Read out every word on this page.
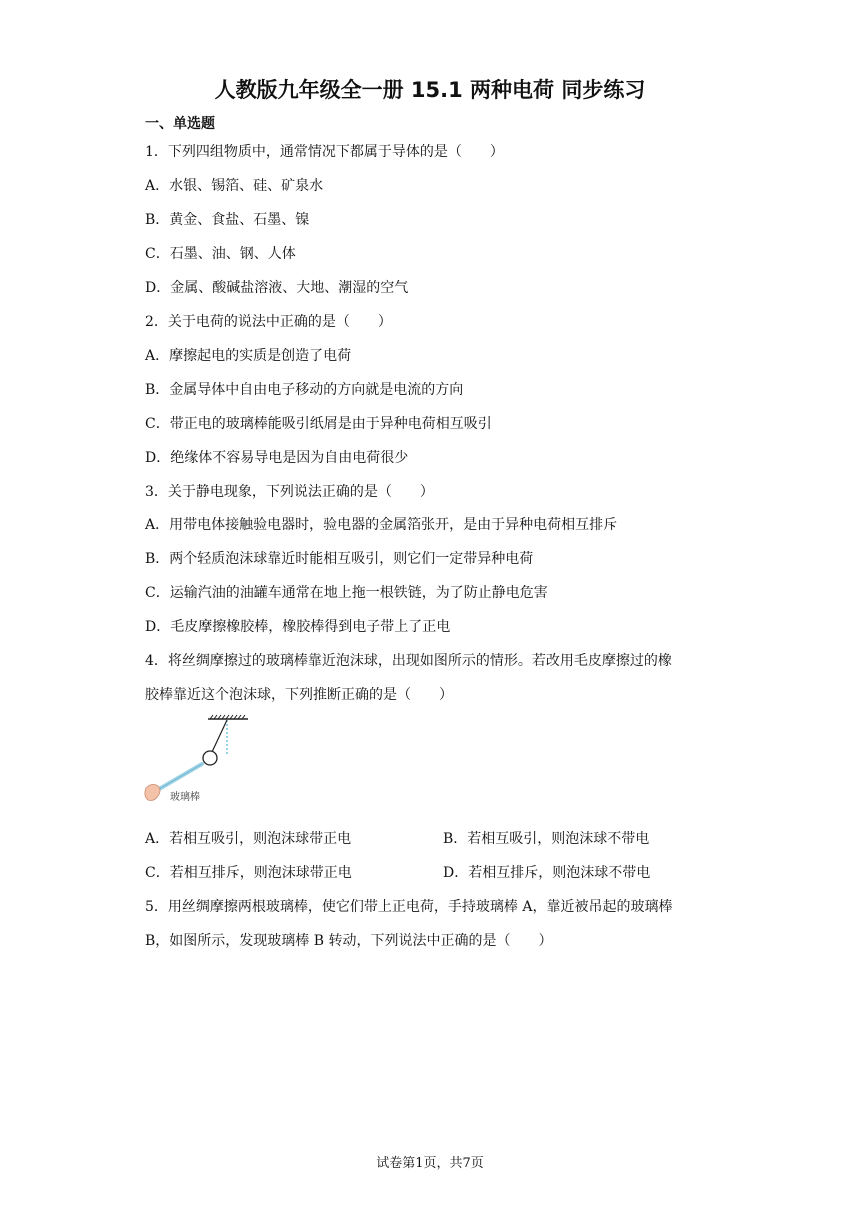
人教版九年级全一册 15.1 两种电荷 同步练习
一、单选题
1．下列四组物质中，通常情况下都属于导体的是（　　）
A．水银、锡箔、硅、矿泉水
B．黄金、食盐、石墨、镍
C．石墨、油、钢、人体
D．金属、酸碱盐溶液、大地、潮湿的空气
2．关于电荷的说法中正确的是（　　）
A．摩擦起电的实质是创造了电荷
B．金属导体中自由电子移动的方向就是电流的方向
C．带正电的玻璃棒能吸引纸屑是由于异种电荷相互吸引
D．绝缘体不容易导电是因为自由电荷很少
3．关于静电现象，下列说法正确的是（　　）
A．用带电体接触验电器时，验电器的金属箔张开，是由于异种电荷相互排斥
B．两个轻质泡沫球靠近时能相互吸引，则它们一定带异种电荷
C．运输汽油的油罐车通常在地上拖一根铁链，为了防止静电危害
D．毛皮摩擦橡胶棒，橡胶棒得到电子带上了正电
4．将丝绸摩擦过的玻璃棒靠近泡沫球，出现如图所示的情形。若改用毛皮摩擦过的橡
胶棒靠近这个泡沫球，下列推断正确的是（　　）
玻璃棒
A．若相互吸引，则泡沫球带正电	B．若相互吸引，则泡沫球不带电
C．若相互排斥，则泡沫球带正电	D．若相互排斥，则泡沫球不带电
5．用丝绸摩擦两根玻璃棒，使它们带上正电荷，手持玻璃棒 A，靠近被吊起的玻璃棒
B，如图所示，发现玻璃棒 B 转动，下列说法中正确的是（　　）
试卷第1页，共7页
